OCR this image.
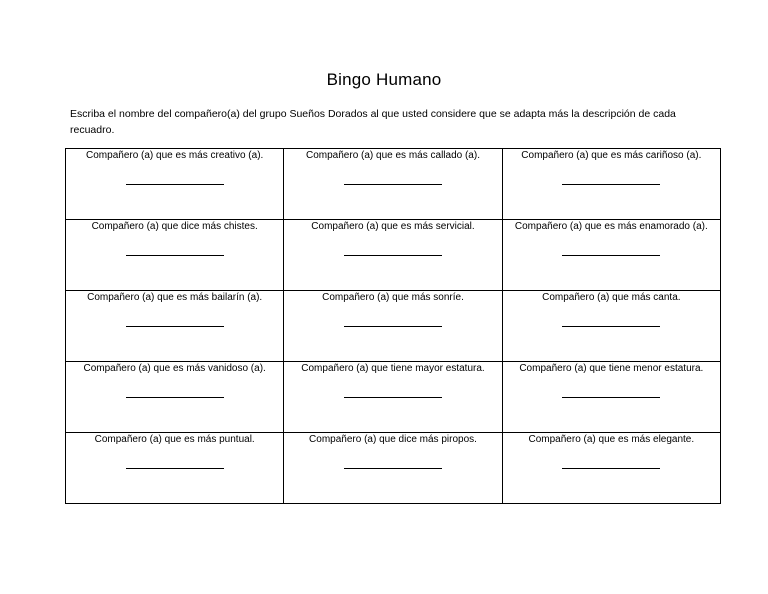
Bingo Humano
Escriba el nombre del compañero(a) del grupo Sueños Dorados al que usted considere que se adapta más la descripción de cada recuadro.
Compañero (a) que es más creativo (a).	Compañero (a) que es más callado (a).	Compañero (a) que es más cariñoso (a).

Compañero (a) que dice más chistes.	Compañero (a) que es más servicial.	Compañero (a) que es más enamorado (a).

Compañero (a) que es más bailarín (a).	Compañero (a) que más sonríe.	Compañero (a) que más canta.

Compañero (a) que es más vanidoso (a).	Compañero (a) que tiene mayor estatura.	Compañero (a) que tiene menor estatura.

Compañero (a) que es más puntual.	Compañero (a) que dice más piropos.	Compañero (a) que es más elegante.
